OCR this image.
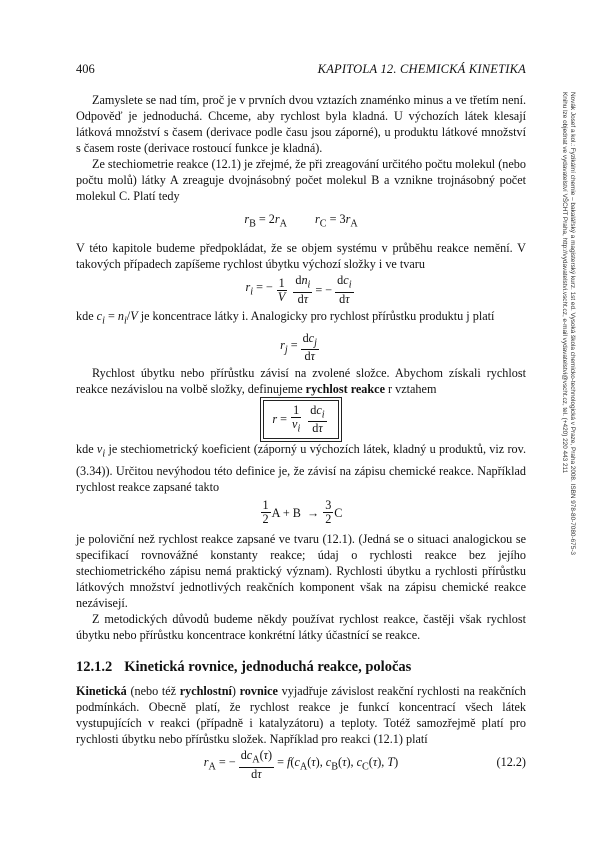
406	KAPITOLA 12. CHEMICKÁ KINETIKA
Novák Josef a kol.: Fyzikální chemie – bakalářský a magisterský kurz. 1st ed. Vysoká škola chemicko-technologická v Praze, Praha 2008. ISBN 978-80-7080-675-3
Knihu lze objednat ve vydavatelství VŠCHT Praha, http://vydavatelstvi.vscht.cz, e-mail vydavatelstvi@vscht.cz, tel. (+420) 220 443 211

Zamyslete se nad tím, proč je v prvních dvou vztazích znaménko minus a ve třetím není. Odpověď je jednoduchá. Chceme, aby rychlost byla kladná. U výchozích látek klesají látková množství s časem (derivace podle času jsou záporné), u produktu látkové množství s časem roste (derivace rostoucí funkce je kladná).

Ze stechiometrie reakce (12.1) je zřejmé, že při zreagování určitého počtu molekul (nebo počtu molů) látky A zreaguje dvojnásobný počet molekul B a vznikne trojnásobný počet molekul C. Platí tedy

$r_B = 2r_A$ $r_C = 3r_A$

V této kapitole budeme předpokládat, že se objem systému v průběhu reakce nemění. V takových případech zapíšeme rychlost úbytku výchozí složky i ve tvaru

$r_i$ = − $\frac{1}{V} \frac{dn_i}{d\tau}$ = − $\frac{dc_i}{d\tau}$

kde $c_i = n_i/V$ je koncentrace látky i. Analogicky pro rychlost přírůstku produktu j platí

$r_j = \frac{dc_j}{d\tau}$

Rychlost úbytku nebo přírůstku závisí na zvolené složce. Abychom získali rychlost reakce nezávislou na volbě složky, definujeme rychlost reakce r vztahem

$r = \frac{1}{\nu_i} \frac{dc_i}{d\tau}$

kde $\nu_i$ je stechiometrický koeficient (záporný u výchozích látek, kladný u produktů, viz rov. (3.34)). Určitou nevýhodou této definice je, že závisí na zápisu chemické reakce. Například rychlost reakce zapsané takto

$\frac{1}{2}$ $A + B \to \frac{3}{2}$ C

je poloviční než rychlost reakce zapsané ve tvaru (12.1). (Jedná se o situaci analogickou se specifikací rovnovážné konstanty reakce; údaj o rychlosti reakce bez jejího stechiometrického zápisu nemá praktický význam). Rychlosti úbytku a rychlosti přírůstku látkových množství jednotlivých reakčních komponent však na zápisu chemické reakce nezávisejí.

Z metodických důvodů budeme někdy používat rychlost reakce, častěji však rychlost úbytku nebo přírůstku koncentrace konkrétní látky účastnící se reakce.

12.1.2 Kinetická rovnice, jednoduchá reakce, poločas

Kinetická (nebo též rychlostní) rovnice vyjadřuje závislost reakční rychlosti na reakčních podmínkách. Obecně platí, že rychlost reakce je funkcí koncentrací všech látek vystupujících v reakci (případně i katalyzátoru) a teploty. Totéž samozřejmě platí pro rychlosti úbytku nebo přírůstku složek. Například pro reakci (12.1) platí

$r_A$ = − $\frac{dc_A(\tau)}{d\tau} = f(c_A(\tau)$, $c_B(\tau)$, $c_C(\tau)$, T)	(12.2)
